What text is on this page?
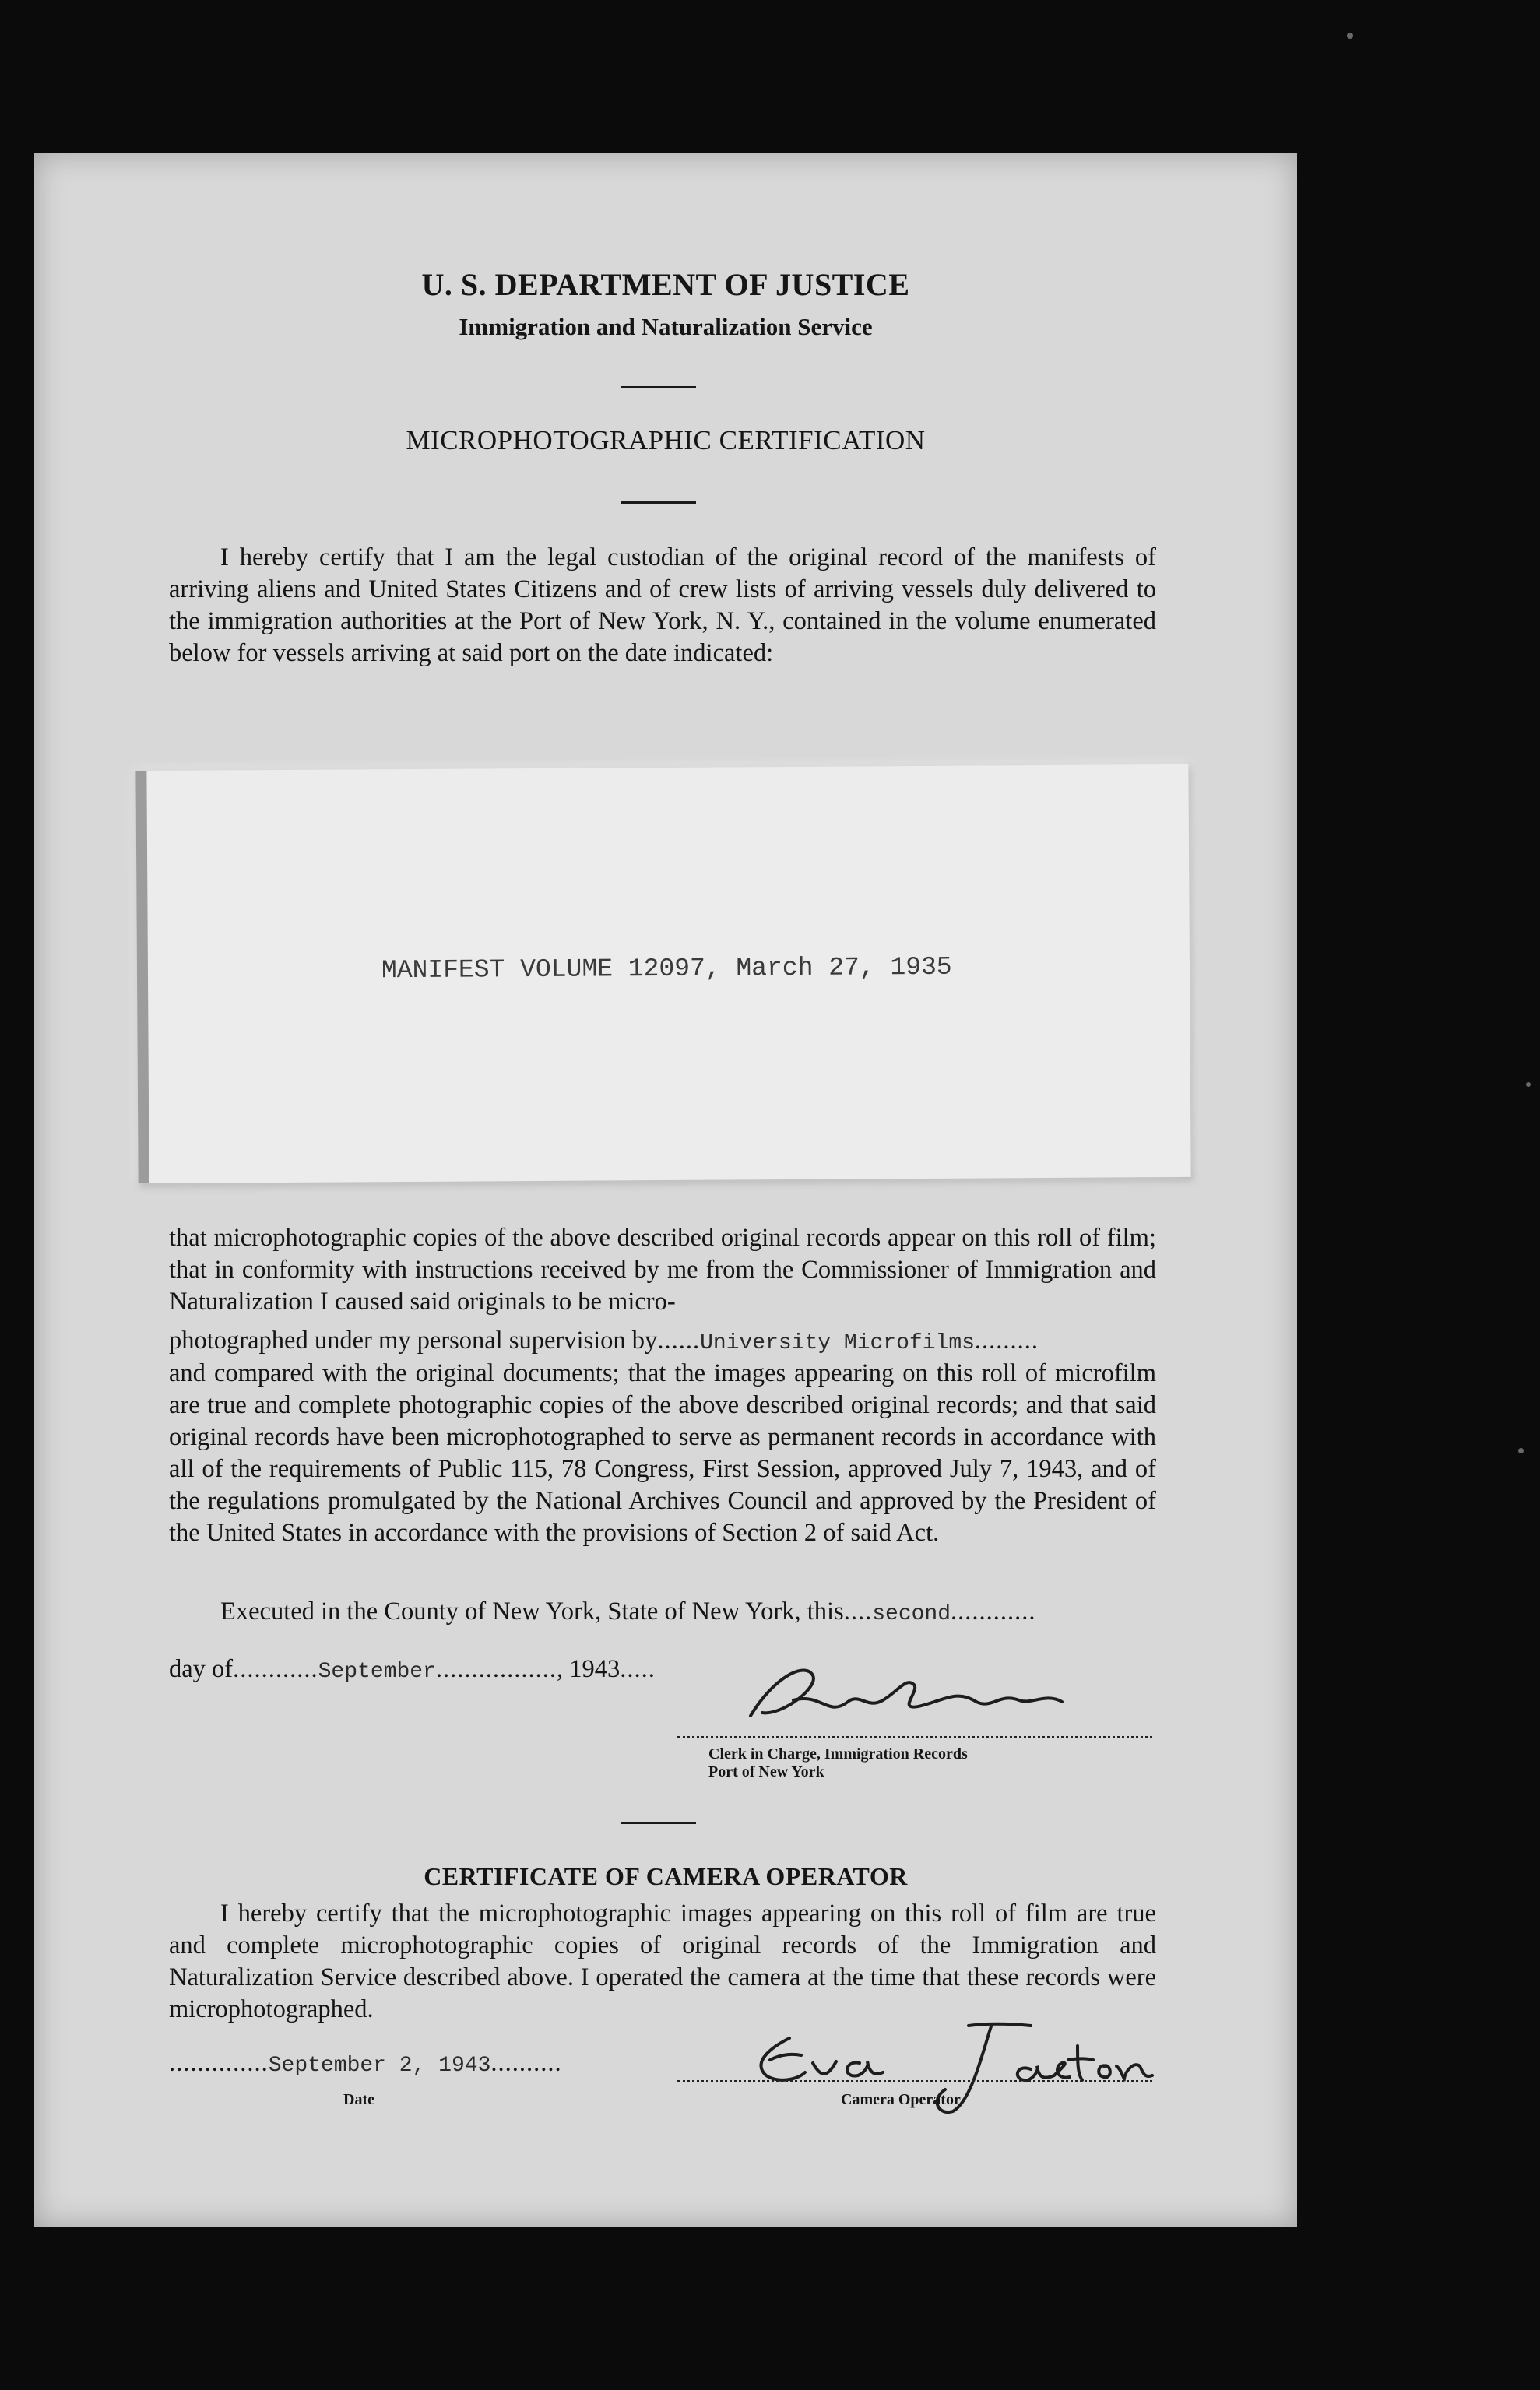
U. S. DEPARTMENT OF JUSTICE
Immigration and Naturalization Service
MICROPHOTOGRAPHIC CERTIFICATION

I hereby certify that I am the legal custodian of the original record of the manifests of arriving aliens and United States Citizens and of crew lists of arriving vessels duly delivered to the immigration authorities at the Port of New York, N. Y., contained in the volume enumerated below for vessels arriving at said port on the date indicated:

MANIFEST VOLUME 12097, March 27, 1935

that microphotographic copies of the above described original records appear on this roll of film; that in conformity with instructions received by me from the Commissioner of Immigration and Naturalization I caused said originals to be micro-

photographed under my personal supervision by......University Microfilms.........

and compared with the original documents; that the images appearing on this roll of microfilm are true and complete photographic copies of the above described original records; and that said original records have been microphotographed to serve as permanent records in accordance with all of the requirements of Public 115, 78 Congress, First Session, approved July 7, 1943, and of the regulations promulgated by the National Archives Council and approved by the President of the United States in accordance with the provisions of Section 2 of said Act.

Executed in the County of New York, State of New York, this....second............
day of............September................., 1943.....
Clerk in Charge, Immigration Records
Port of New York
CERTIFICATE OF CAMERA OPERATOR

I hereby certify that the microphotographic images appearing on this roll of film are true and complete microphotographic copies of original records of the Immigration and Naturalization Service described above. I operated the camera at the time that these records were microphotographed.

..............September 2, 1943..........
Date	Camera Operator
